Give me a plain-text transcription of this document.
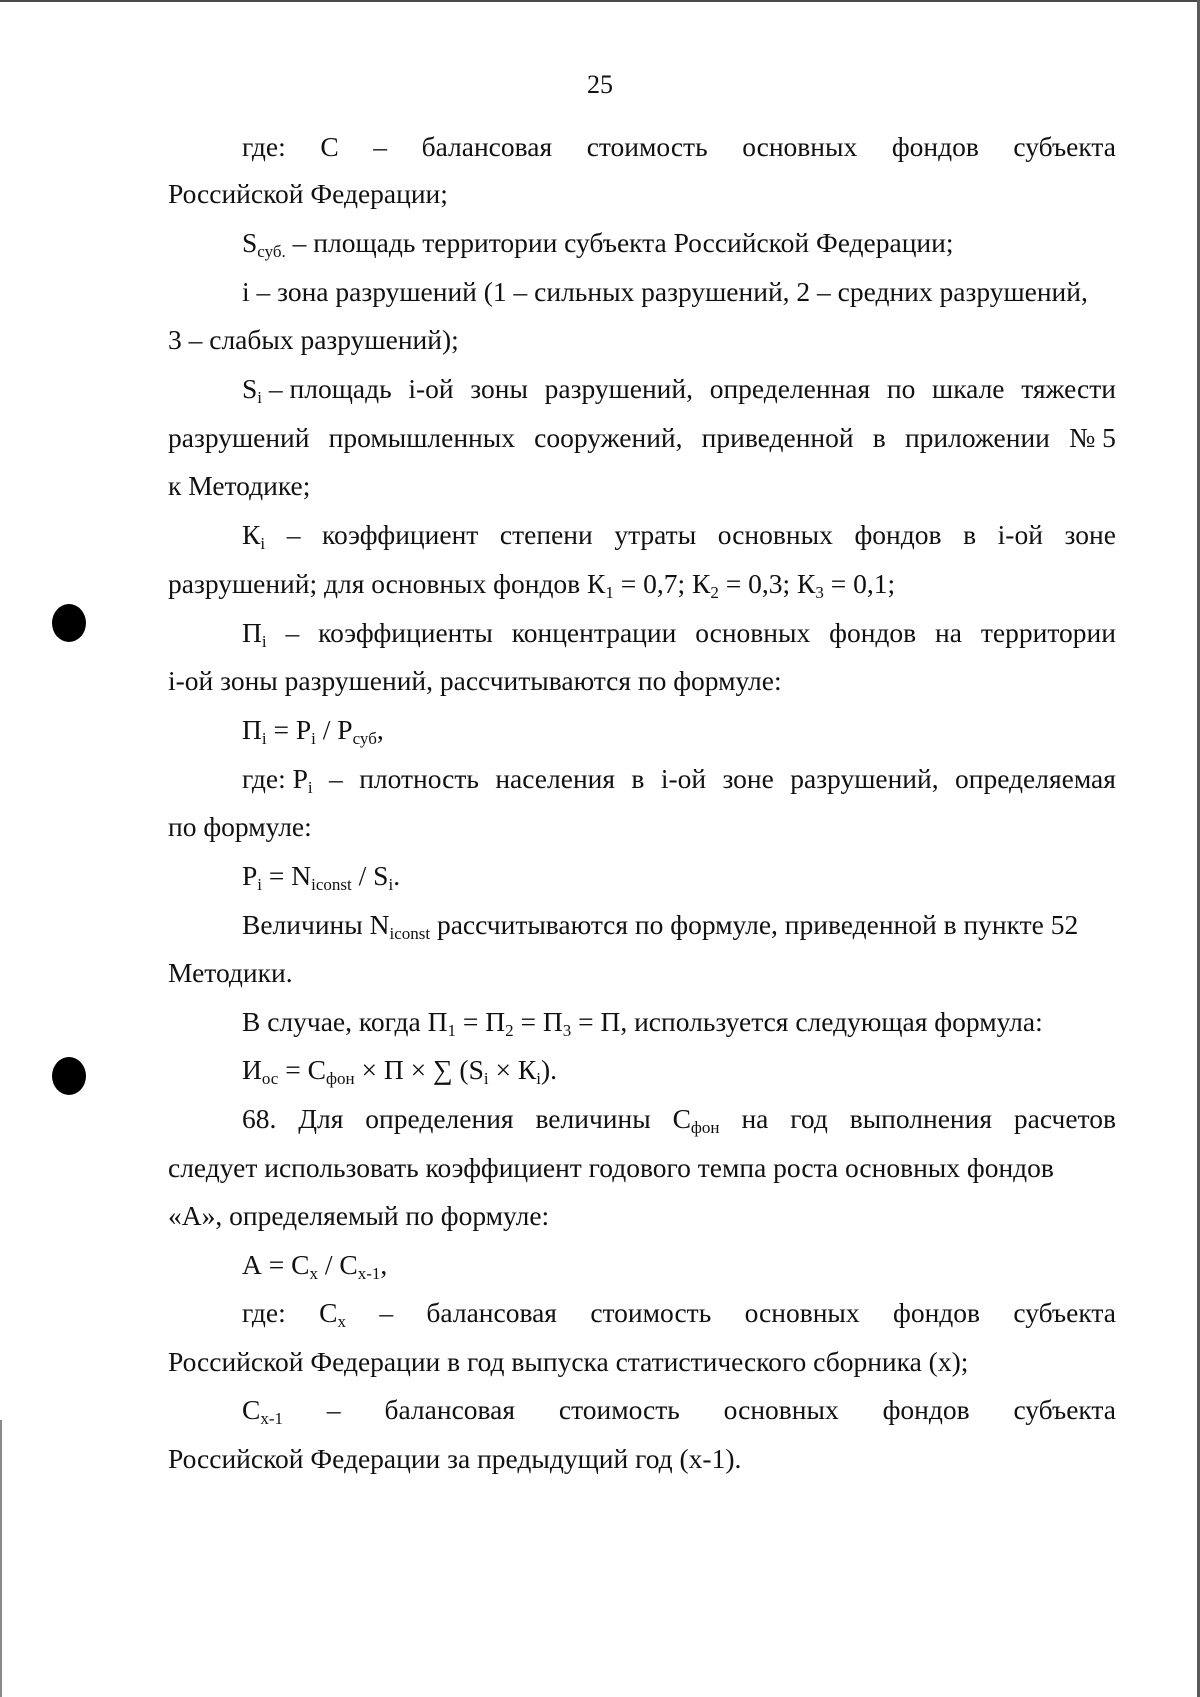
25
где: С – балансовая стоимость основных фондов субъекта
Российской Федерации;
$S_{суб.}$ – площадь территории субъекта Российской Федерации;
i – зона разрушений (1 – сильных разрушений, 2 – средних разрушений,
3 – слабых разрушений);
$S_i$ – площадь i-ой зоны разрушений, определенная по шкале тяжести
разрушений промышленных сооружений, приведенной в приложении № 5
к Методике;
$К_i$ – коэффициент степени утраты основных фондов в i-ой зоне
разрушений; для основных фондов $К_1 = 0,7$; $К_2 = 0,3$; $К_3 = 0,1$;
$П_i$ – коэффициенты концентрации основных фондов на территории
i-ой зоны разрушений, рассчитываются по формуле:
$П_i = Р_i / Р_{суб}$,
где: $Р_i$ – плотность населения в i-ой зоне разрушений, определяемая
по формуле:
$Р_i = N_{iconst} / S_i$.
Величины $N_{iconst}$ рассчитываются по формуле, приведенной в пункте 52
Методики.
В случае, когда $П_1 = П_2 = П_3 = П$, используется следующая формула:
$И_{ос} = С_{фон} \times П$ × ∑ $(S_i \times К_i)$.
68. Для определения величины $С_{фон}$ на год выполнения расчетов
следует использовать коэффициент годового темпа роста основных фондов
«А», определяемый по формуле:
$А = С_x / С_{x-1}$,
где: $С_x$ – балансовая стоимость основных фондов субъекта
Российской Федерации в год выпуска статистического сборника (х);
$С_{х-1}$ – балансовая стоимость основных фондов субъекта
Российской Федерации за предыдущий год (х-1).
